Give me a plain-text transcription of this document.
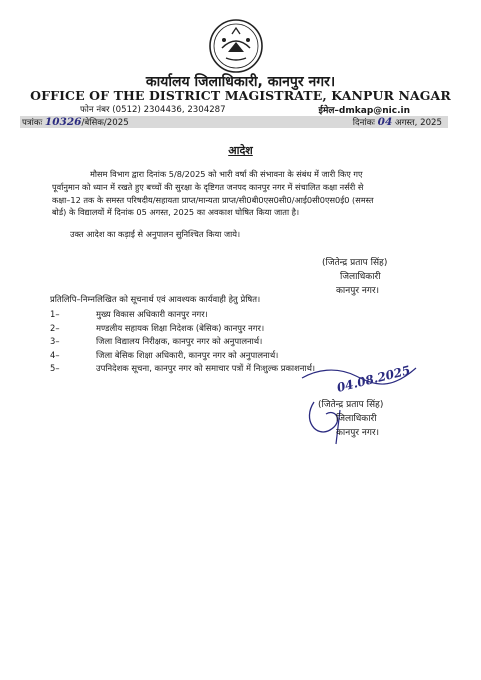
कार्यालय जिलाधिकारी, कानपुर नगर।
OFFICE OF THE DISTRICT MAGISTRATE, KANPUR NAGAR
फोन नंबर (0512) 2304436, 2304287	ईमेल–dmkap@nic.in
पत्रांकः 10326/बेसिक/2025	दिनांकः 04 अगस्त, 2025
आदेश
मौसम विभाग द्वारा दिनांक 5/8/2025 को भारी वर्षा की संभावना के संबंध में जारी किए गए
पूर्वानुमान को ध्यान में रखते हुए बच्चों की सुरक्षा के दृष्टिगत जनपद कानपुर नगर में संचालित कक्षा नर्सरी से
कक्षा–12 तक के समस्त परिषदीय/सहायता प्राप्त/मान्यता प्राप्त/सी0बी0एस0सी0/आई0सी0एस0ई0 (समस्त
बोर्ड) के विद्यालयों में दिनांक 05 अगस्त, 2025 का अवकाश घोषित किया जाता है।
उक्त आदेश का कड़ाई से अनुपालन सुनिश्चित किया जाये।
(जितेन्द्र प्रताप सिंह)
जिलाधिकारी
कानपुर नगर।
प्रतिलिपि–निम्नलिखित को सूचनार्थ एवं आवश्यक कार्यवाही हेतु प्रेषित।
1–	मुख्य विकास अधिकारी कानपुर नगर।
2–	मण्डलीय सहायक शिक्षा निदेशक (बेसिक) कानपुर नगर।
3–	जिला विद्यालय निरीक्षक, कानपुर नगर को अनुपालनार्थ।
4–	जिला बेसिक शिक्षा अधिकारी, कानपुर नगर को अनुपालनार्थ।
5–	उपनिदेशक सूचना, कानपुर नगर को समाचार पत्रों में निःशुल्क प्रकाशनार्थ। 04.08.2025
(जितेन्द्र प्रताप सिंह)
जिलाधिकारी
कानपुर नगर।
